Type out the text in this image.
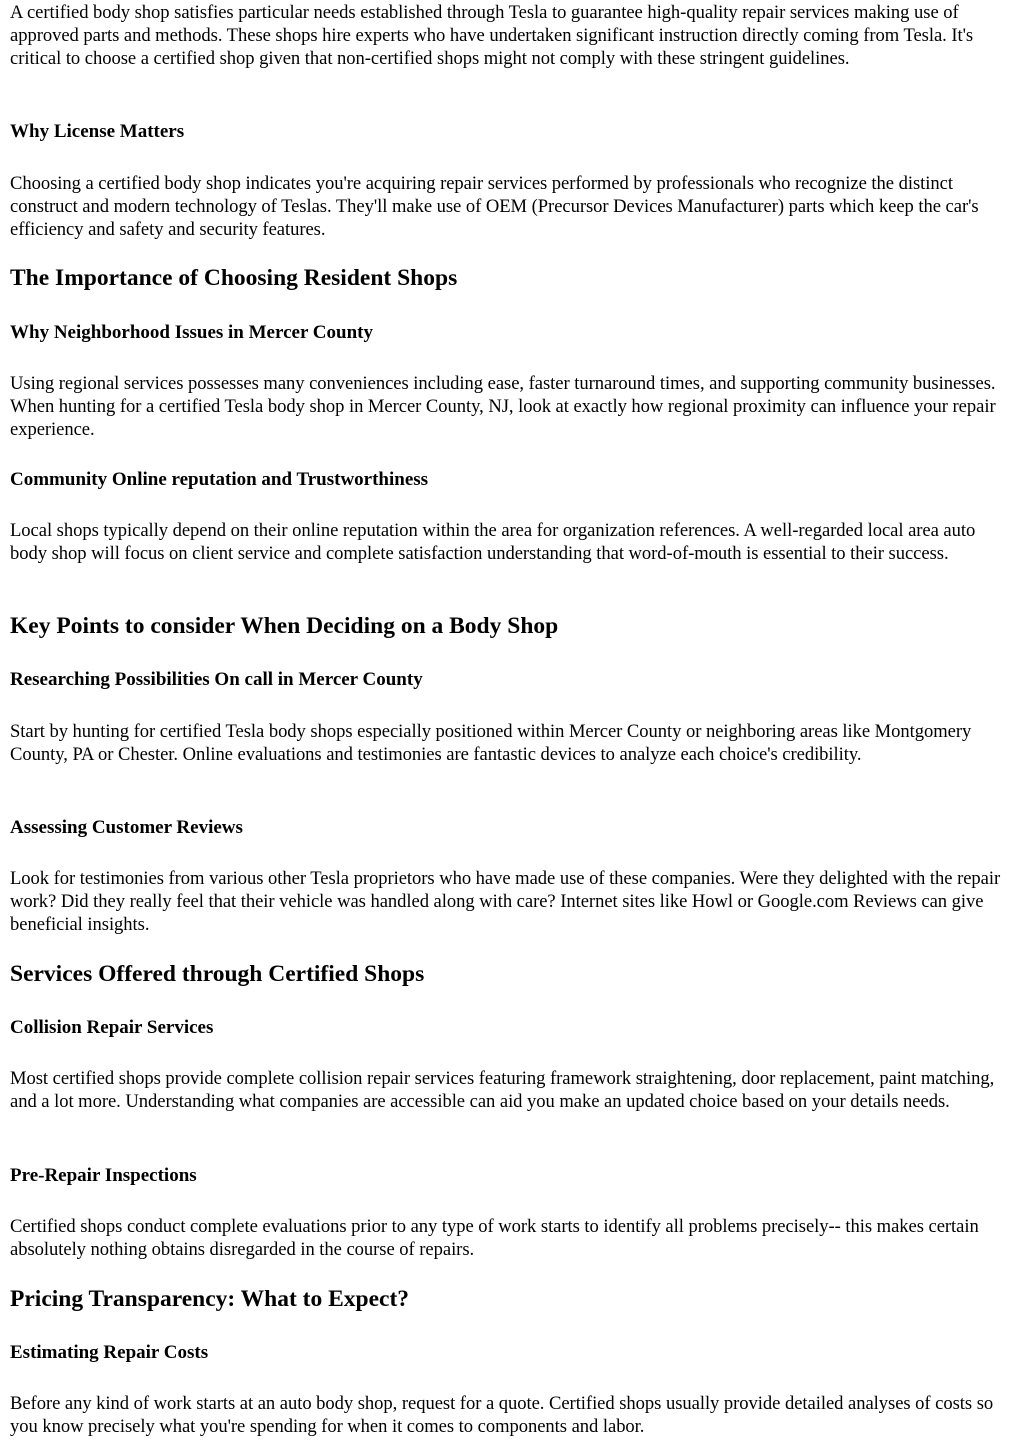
A certified body shop satisfies particular needs established through Tesla to guarantee high-quality repair services making use of approved parts and methods. These shops hire experts who have undertaken significant instruction directly coming from Tesla. It's critical to choose a certified shop given that non-certified shops might not comply with these stringent guidelines.

Why License Matters

Choosing a certified body shop indicates you're acquiring repair services performed by professionals who recognize the distinct construct and modern technology of Teslas. They'll make use of OEM (Precursor Devices Manufacturer) parts which keep the car's efficiency and safety and security features.

The Importance of Choosing Resident Shops
Why Neighborhood Issues in Mercer County

Using regional services possesses many conveniences including ease, faster turnaround times, and supporting community businesses. When hunting for a certified Tesla body shop in Mercer County, NJ, look at exactly how regional proximity can influence your repair experience.

Community Online reputation and Trustworthiness

Local shops typically depend on their online reputation within the area for organization references. A well-regarded local area auto body shop will focus on client service and complete satisfaction understanding that word-of-mouth is essential to their success.

Key Points to consider When Deciding on a Body Shop
Researching Possibilities On call in Mercer County

Start by hunting for certified Tesla body shops especially positioned within Mercer County or neighboring areas like Montgomery County, PA or Chester. Online evaluations and testimonies are fantastic devices to analyze each choice's credibility.

Assessing Customer Reviews

Look for testimonies from various other Tesla proprietors who have made use of these companies. Were they delighted with the repair work? Did they really feel that their vehicle was handled along with care? Internet sites like Howl or Google.com Reviews can give beneficial insights.

Services Offered through Certified Shops
Collision Repair Services

Most certified shops provide complete collision repair services featuring framework straightening, door replacement, paint matching, and a lot more. Understanding what companies are accessible can aid you make an updated choice based on your details needs.

Pre-Repair Inspections

Certified shops conduct complete evaluations prior to any type of work starts to identify all problems precisely-- this makes certain absolutely nothing obtains disregarded in the course of repairs.

Pricing Transparency: What to Expect?
Estimating Repair Costs

Before any kind of work starts at an auto body shop, request for a quote. Certified shops usually provide detailed analyses of costs so you know precisely what you're spending for when it comes to components and labor.
